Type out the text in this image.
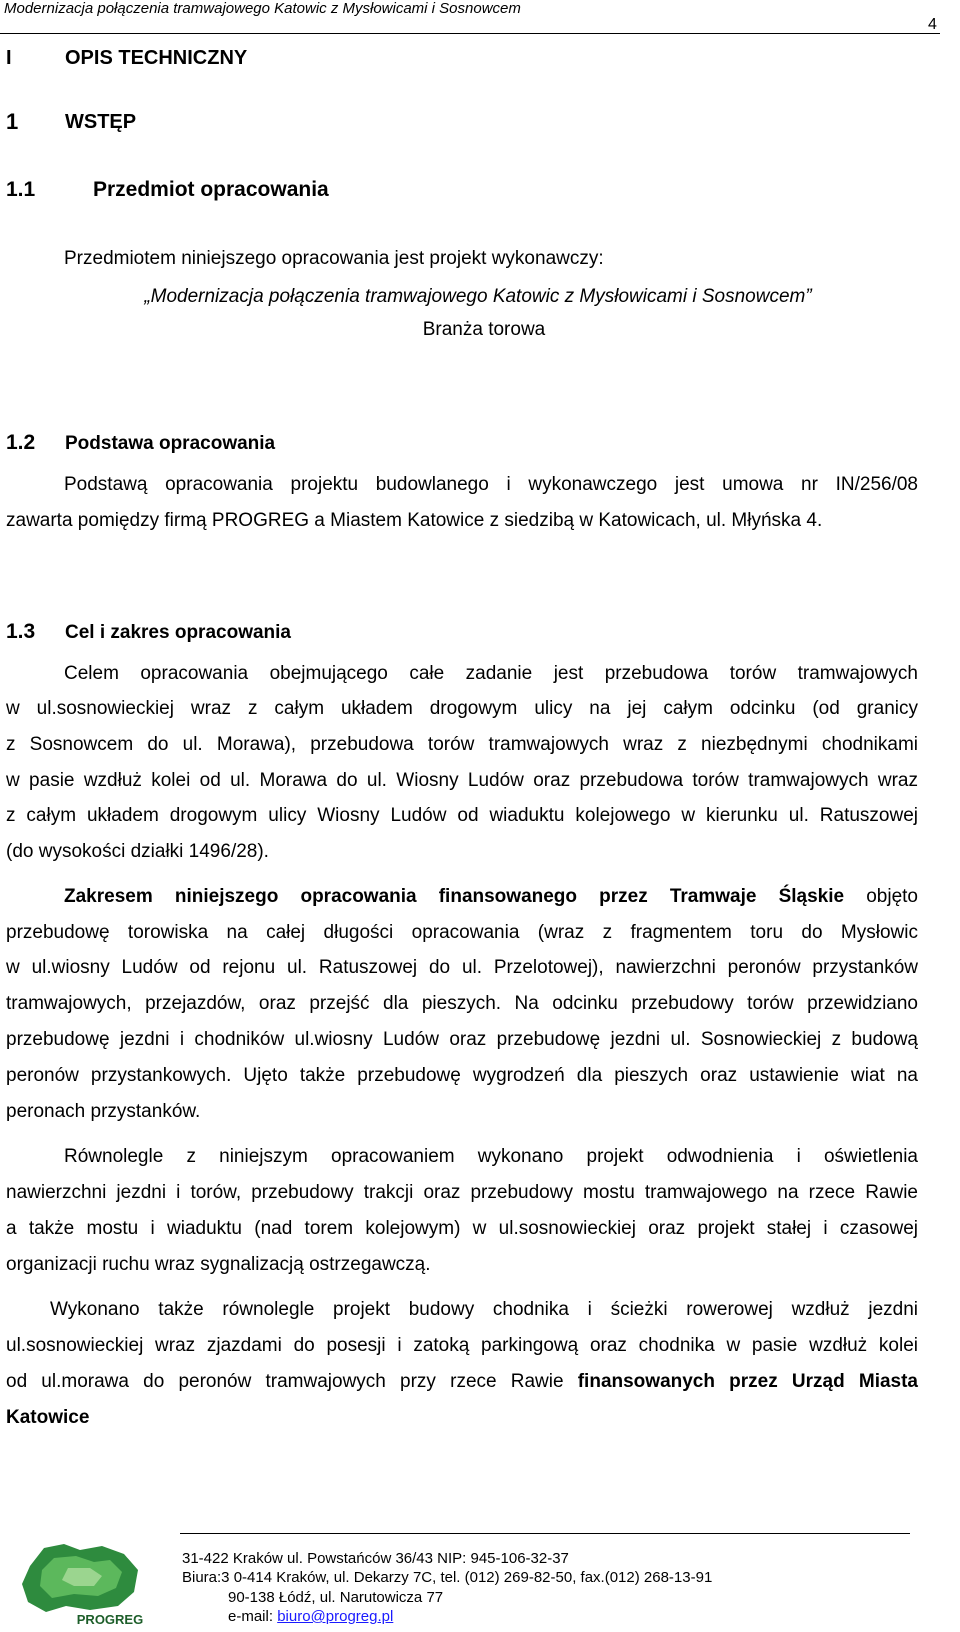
Modernizacja połączenia tramwajowego Katowic z Mysłowicami i Sosnowcem
4
I	OPIS TECHNICZNY
1 WSTĘP
1.1	Przedmiot opracowania
Przedmiotem niniejszego opracowania jest projekt wykonawczy:
„Modernizacja połączenia tramwajowego Katowic z Mysłowicami i Sosnowcem”
Branża torowa
1.2 Podstawa opracowania
Podstawą opracowania projektu budowlanego i wykonawczego jest umowa nr IN/256/08
zawarta pomiędzy firmą PROGREG a Miastem Katowice z siedzibą w Katowicach, ul. Młyńska 4.
1.3 Cel i zakres opracowania
Celem opracowania obejmującego całe zadanie jest przebudowa torów tramwajowych
w ul.sosnowieckiej wraz z całym układem drogowym ulicy na jej całym odcinku (od granicy
z Sosnowcem do ul. Morawa), przebudowa torów tramwajowych wraz z niezbędnymi chodnikami
w pasie wzdłuż kolei od ul. Morawa do ul. Wiosny Ludów oraz przebudowa torów tramwajowych wraz
z całym układem drogowym ulicy Wiosny Ludów od wiaduktu kolejowego w kierunku ul. Ratuszowej
(do wysokości działki 1496/28).
Zakresem niniejszego opracowania finansowanego przez Tramwaje Śląskie objęto
przebudowę torowiska na całej długości opracowania (wraz z fragmentem toru do Mysłowic
w ul.wiosny Ludów od rejonu ul. Ratuszowej do ul. Przelotowej), nawierzchni peronów przystanków
tramwajowych, przejazdów, oraz przejść dla pieszych. Na odcinku przebudowy torów przewidziano
przebudowę jezdni i chodników ul.wiosny Ludów oraz przebudowę jezdni ul. Sosnowieckiej z budową
peronów przystankowych. Ujęto także przebudowę wygrodzeń dla pieszych oraz ustawienie wiat na
peronach przystanków.
Równolegle z niniejszym opracowaniem wykonano projekt odwodnienia i oświetlenia
nawierzchni jezdni i torów, przebudowy trakcji oraz przebudowy mostu tramwajowego na rzece Rawie
a także mostu i wiaduktu (nad torem kolejowym) w ul.sosnowieckiej oraz projekt stałej i czasowej
organizacji ruchu wraz sygnalizacją ostrzegawczą.
Wykonano także równolegle projekt budowy chodnika i ścieżki rowerowej wzdłuż jezdni
ul.sosnowieckiej wraz zjazdami do posesji i zatoką parkingową oraz chodnika w pasie wzdłuż kolei
od ul.morawa do peronów tramwajowych przy rzece Rawie finansowanych przez Urząd Miasta
Katowice
PROGREG
31-422 Kraków ul. Powstańców 36/43 NIP: 945-106-32-37
Biura:3 0-414 Kraków, ul. Dekarzy 7C, tel. (012) 269-82-50, fax.(012) 268-13-91
90-138 Łódź, ul. Narutowicza 77
e-mail: biuro@progreg.pl
